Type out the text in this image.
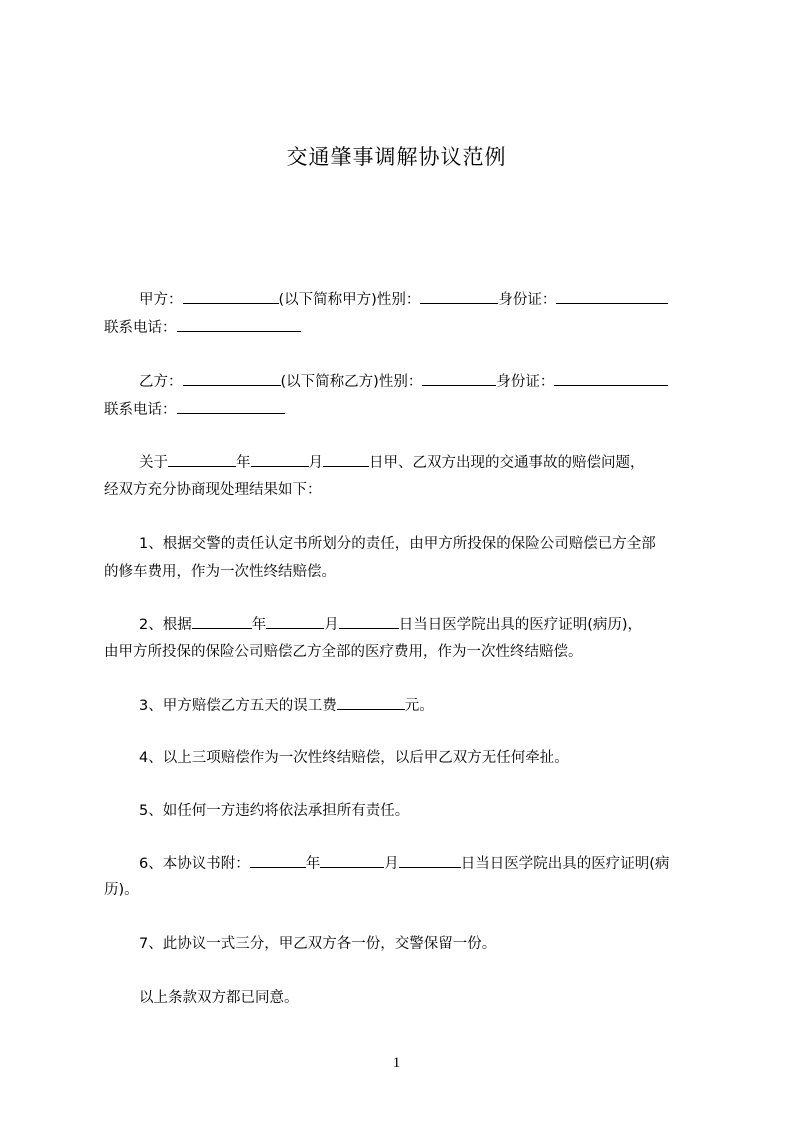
交通肇事调解协议范例
甲方：	(以下简称甲方)性别：	身份证：
联系电话：
乙方：	(以下简称乙方)性别：	身份证：
联系电话：
关于	年	月	日甲、乙双方出现的交通事故的赔偿问题，
经双方充分协商现处理结果如下：
1、根据交警的责任认定书所划分的责任，由甲方所投保的保险公司赔偿已方全部
的修车费用，作为一次性终结赔偿。
2、根据	年	月	日当日医学院出具的医疗证明(病历)，
由甲方所投保的保险公司赔偿乙方全部的医疗费用，作为一次性终结赔偿。
3、甲方赔偿乙方五天的误工费	元。
4、以上三项赔偿作为一次性终结赔偿，以后甲乙双方无任何牵扯。
5、如任何一方违约将依法承担所有责任。
6、本协议书附：	年	月	日当日医学院出具的医疗证明(病
历)。
7、此协议一式三分，甲乙双方各一份，交警保留一份。
以上条款双方都已同意。
1
